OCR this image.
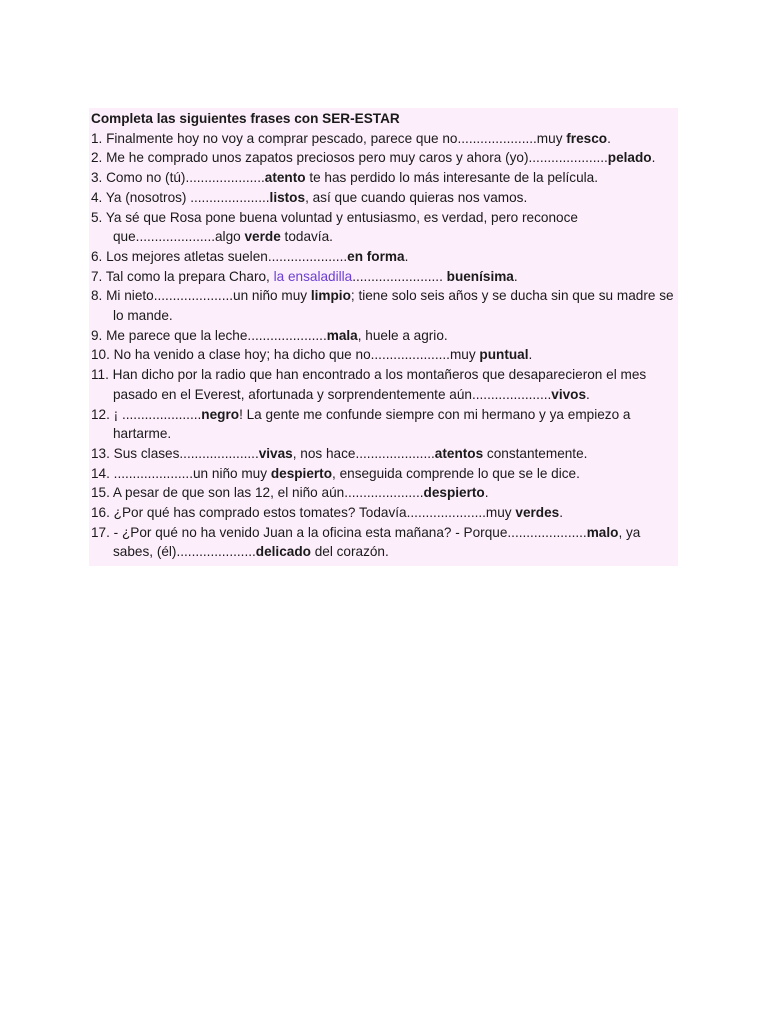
Completa las siguientes frases con SER-ESTAR

1. Finalmente hoy no voy a comprar pescado, parece que no.....................muy fresco.
2. Me he comprado unos zapatos preciosos pero muy caros y ahora (yo).....................pelado.
3. Como no (tú).....................atento te has perdido lo más interesante de la película.
4. Ya (nosotros) .....................listos, así que cuando quieras nos vamos.
5. Ya sé que Rosa pone buena voluntad y entusiasmo, es verdad, pero reconoce que.....................algo verde todavía.
6. Los mejores atletas suelen.....................en forma.
7. Tal como la prepara Charo, la ensaladilla........................ buenísima.
8. Mi nieto.....................un niño muy limpio; tiene solo seis años y se ducha sin que su madre se lo mande.
9. Me parece que la leche.....................mala, huele a agrio.
10. No ha venido a clase hoy; ha dicho que no.....................muy puntual.
11. Han dicho por la radio que han encontrado a los montañeros que desaparecieron el mes pasado en el Everest, afortunada y sorprendentemente aún.....................vivos.
12. ¡ .....................negro! La gente me confunde siempre con mi hermano y ya empiezo a hartarme.
13. Sus clases.....................vivas, nos hace.....................atentos constantemente.
14. .....................un niño muy despierto, enseguida comprende lo que se le dice.
15. A pesar de que son las 12, el niño aún.....................despierto.
16. ¿Por qué has comprado estos tomates? Todavía.....................muy verdes.
17. - ¿Por qué no ha venido Juan a la oficina esta mañana? - Porque.....................malo, ya sabes, (él).....................delicado del corazón.
